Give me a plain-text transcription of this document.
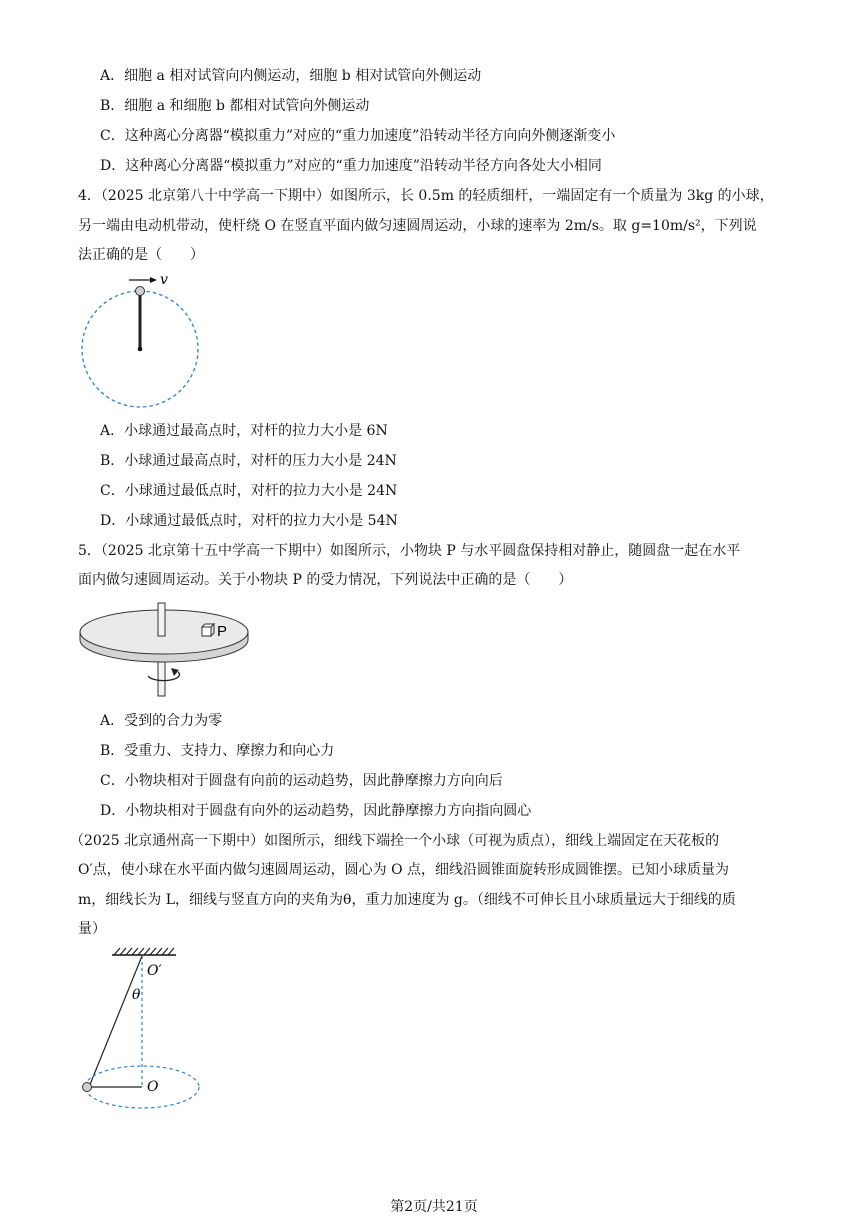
A．细胞 a 相对试管向内侧运动，细胞 b 相对试管向外侧运动
B．细胞 a 和细胞 b 都相对试管向外侧运动
C．这种离心分离器“模拟重力”对应的“重力加速度”沿转动半径方向向外侧逐渐变小
D．这种离心分离器“模拟重力”对应的“重力加速度”沿转动半径方向各处大小相同
4．（2025 北京第八十中学高一下期中）如图所示，长 0.5m 的轻质细杆，一端固定有一个质量为 3kg 的小球，
另一端由电动机带动，使杆绕 O 在竖直平面内做匀速圆周运动，小球的速率为 2m/s。取 g=10m/s²，下列说
法正确的是（　　）
v
A．小球通过最高点时，对杆的拉力大小是 6N
B．小球通过最高点时，对杆的压力大小是 24N
C．小球通过最低点时，对杆的拉力大小是 24N
D．小球通过最低点时，对杆的拉力大小是 54N
5．（2025 北京第十五中学高一下期中）如图所示，小物块 P 与水平圆盘保持相对静止，随圆盘一起在水平
面内做匀速圆周运动。关于小物块 P 的受力情况，下列说法中正确的是（　　）
P
A．受到的合力为零
B．受重力、支持力、摩擦力和向心力
C．小物块相对于圆盘有向前的运动趋势，因此静摩擦力方向向后
D．小物块相对于圆盘有向外的运动趋势，因此静摩擦力方向指向圆心
（2025 北京通州高一下期中）如图所示，细线下端拴一个小球（可视为质点），细线上端固定在天花板的
O′点，使小球在水平面内做匀速圆周运动，圆心为 O 点，细线沿圆锥面旋转形成圆锥摆。已知小球质量为
m，细线长为 L，细线与竖直方向的夹角为θ，重力加速度为 g。（细线不可伸长且小球质量远大于细线的质
量）
O′
θ
O
第2页/共21页
